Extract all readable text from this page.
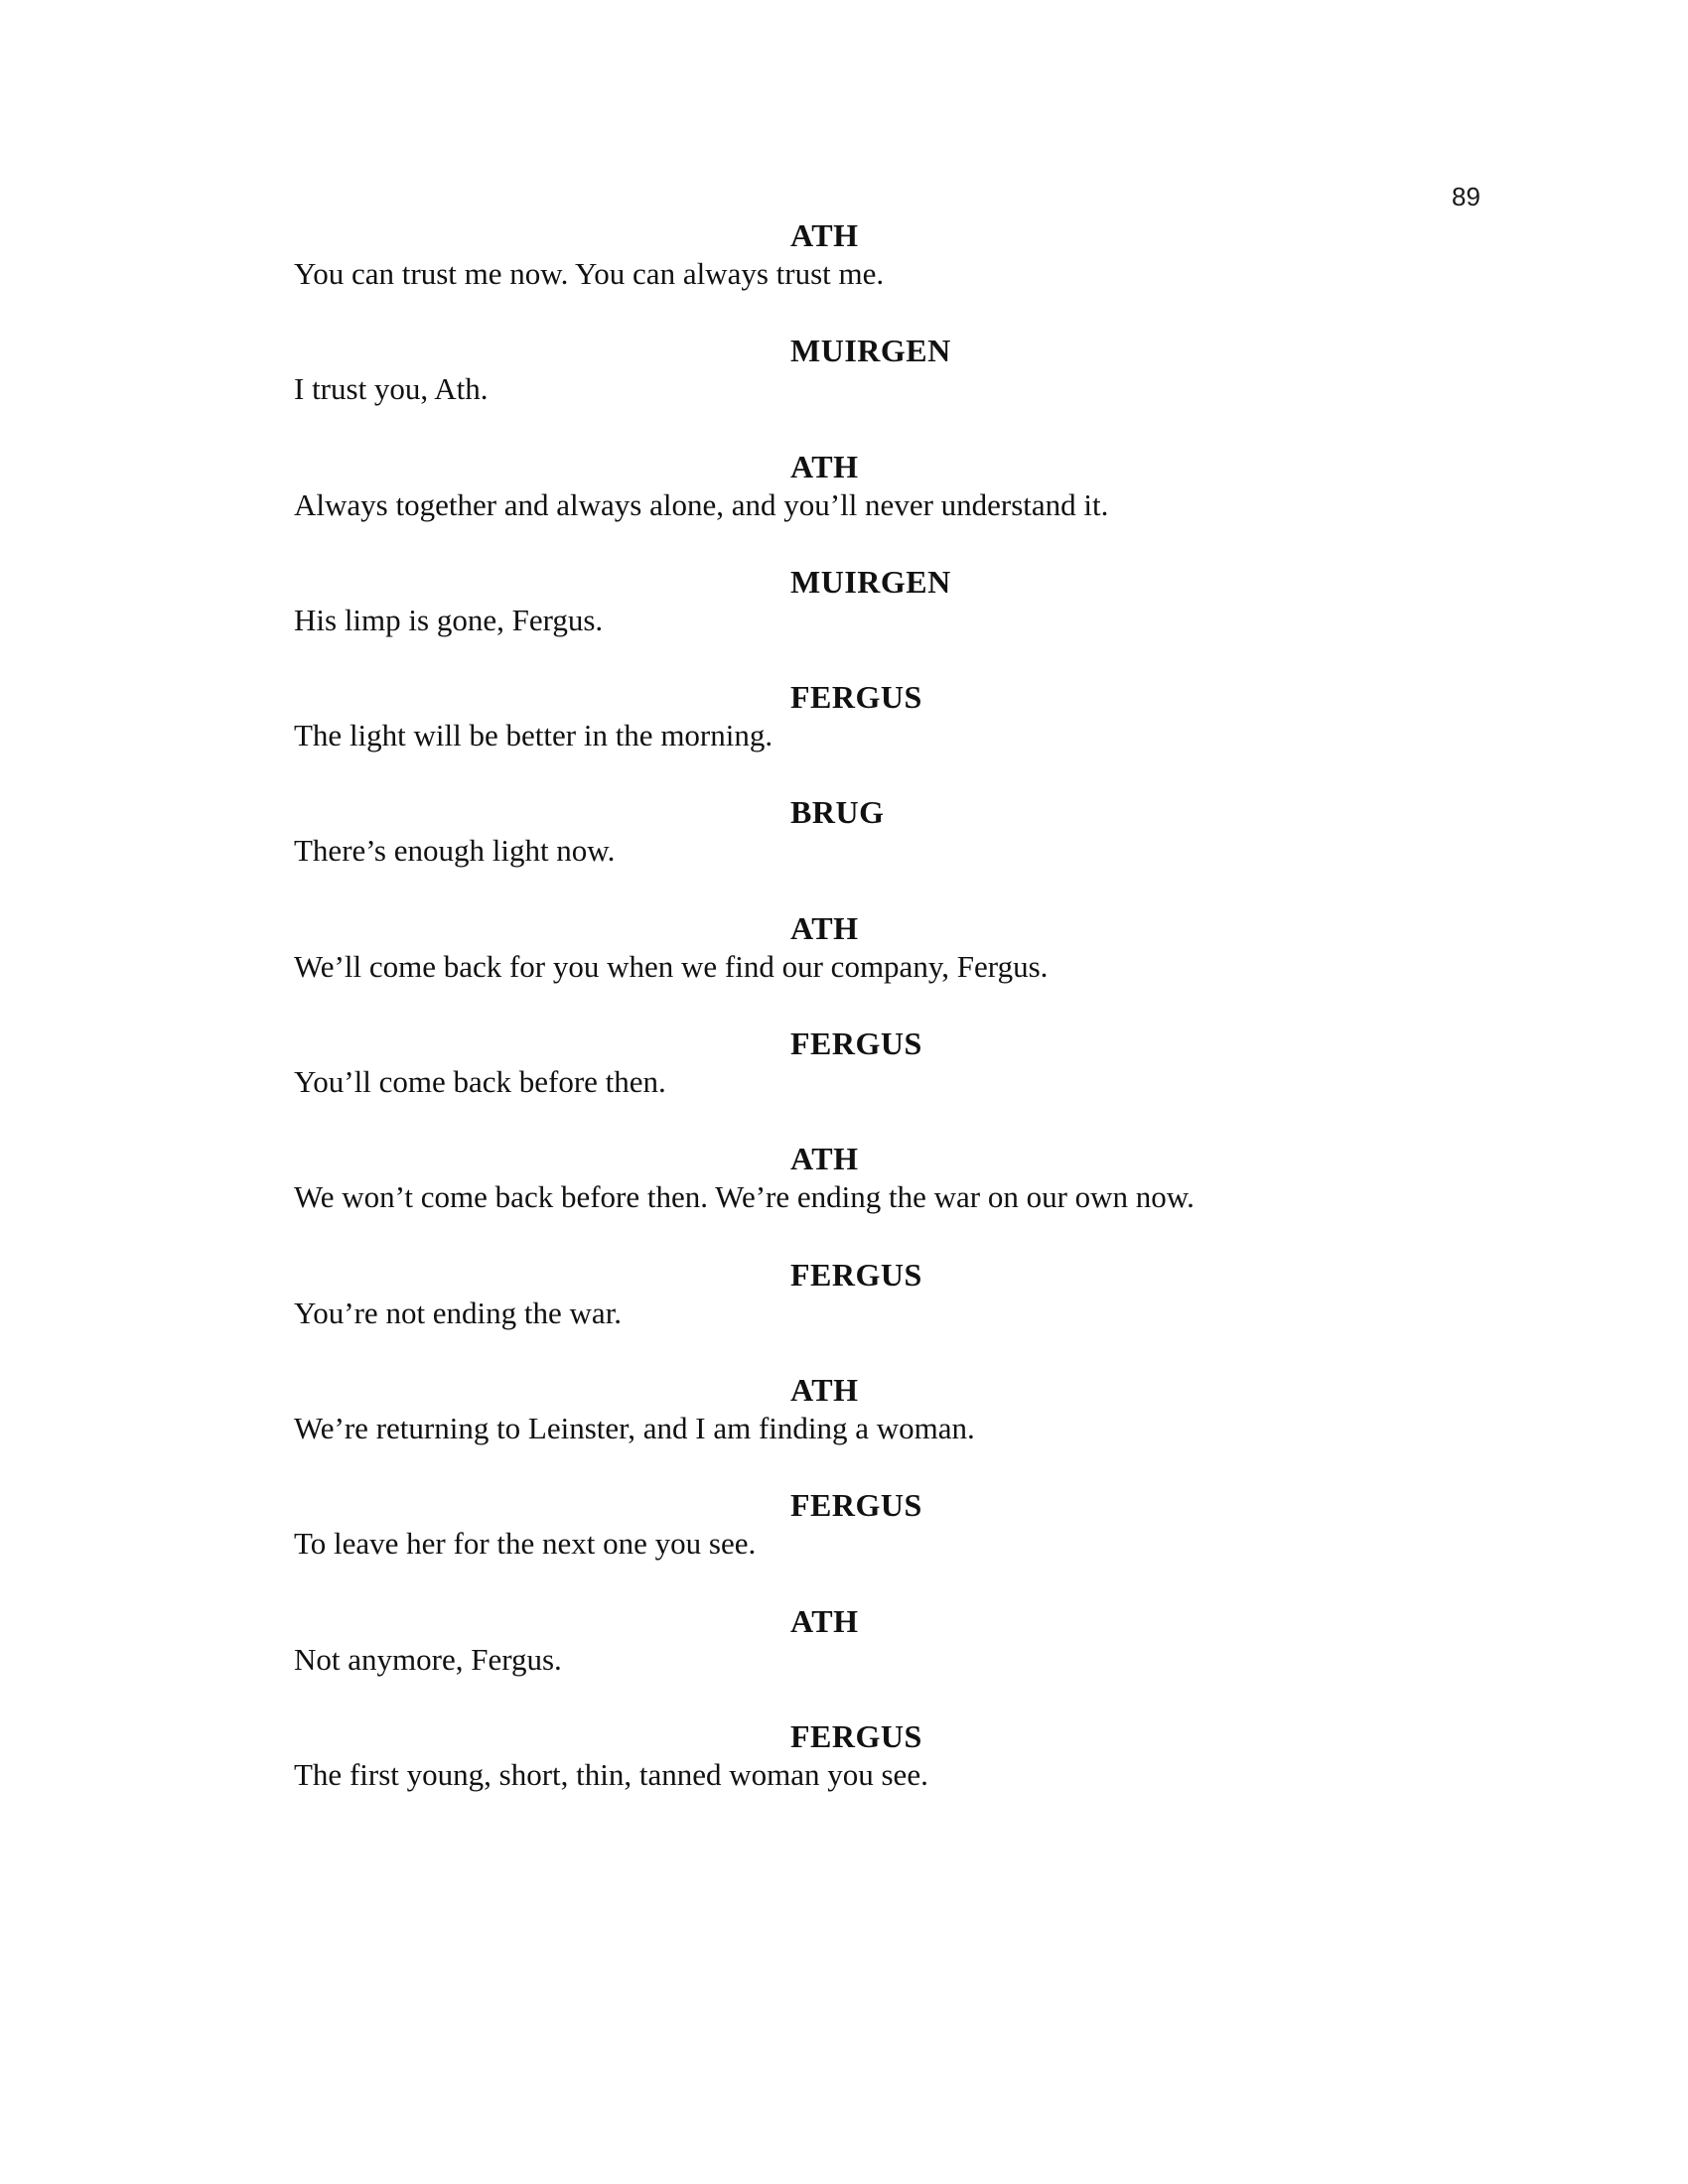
89
ATH
You can trust me now. You can always trust me.
MUIRGEN
I trust you, Ath.
ATH
Always together and always alone, and you’ll never understand it.
MUIRGEN
His limp is gone, Fergus.
FERGUS
The light will be better in the morning.
BRUG
There’s enough light now.
ATH
We’ll come back for you when we find our company, Fergus.
FERGUS
You’ll come back before then.
ATH
We won’t come back before then. We’re ending the war on our own now.
FERGUS
You’re not ending the war.
ATH
We’re returning to Leinster, and I am finding a woman.
FERGUS
To leave her for the next one you see.
ATH
Not anymore, Fergus.
FERGUS
The first young, short, thin, tanned woman you see.
